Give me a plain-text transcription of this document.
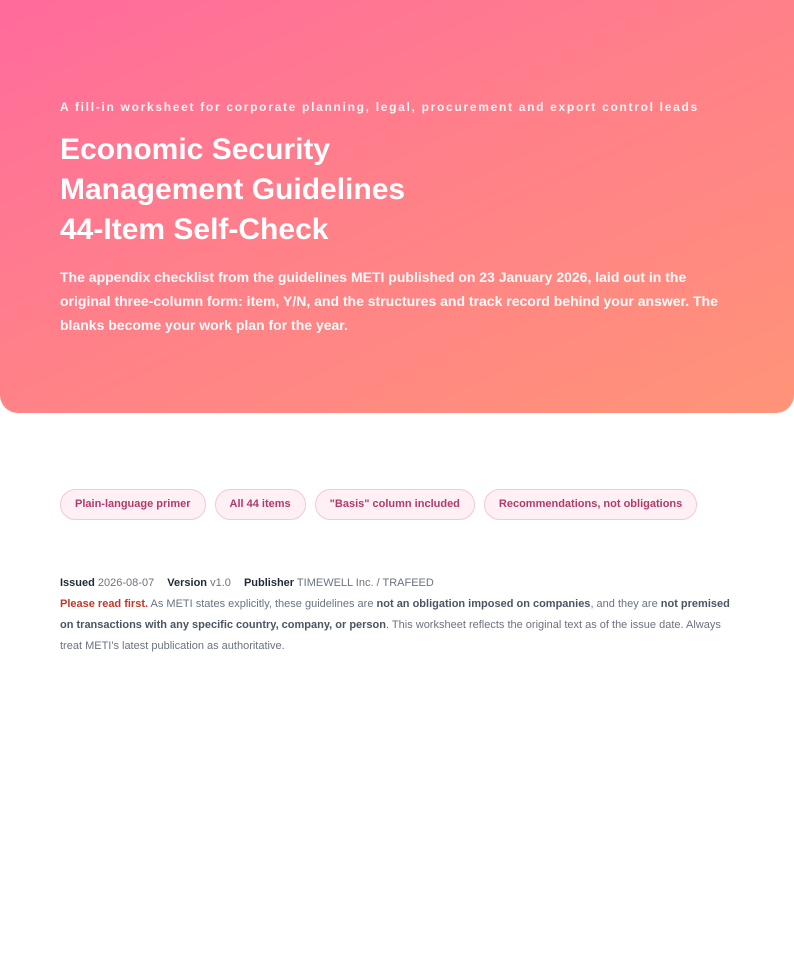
A fill-in worksheet for corporate planning, legal, procurement and export control leads
Economic Security
Management Guidelines
44-Item Self-Check

The appendix checklist from the guidelines METI published on 23 January 2026, laid out in the original three-column form: item, Y/N, and the structures and track record behind your answer. The blanks become your work plan for the year.

Plain-language primer	All 44 items	"Basis" column included	Recommendations, not obligations
Issued 2026-08-07 Version v1.0 Publisher TIMEWELL Inc. / TRAFEED

Please read first. As METI states explicitly, these guidelines are not an obligation imposed on companies, and they are not premised on transactions with any specific country, company, or person. This worksheet reflects the original text as of the issue date. Always treat METI's latest publication as authoritative.
